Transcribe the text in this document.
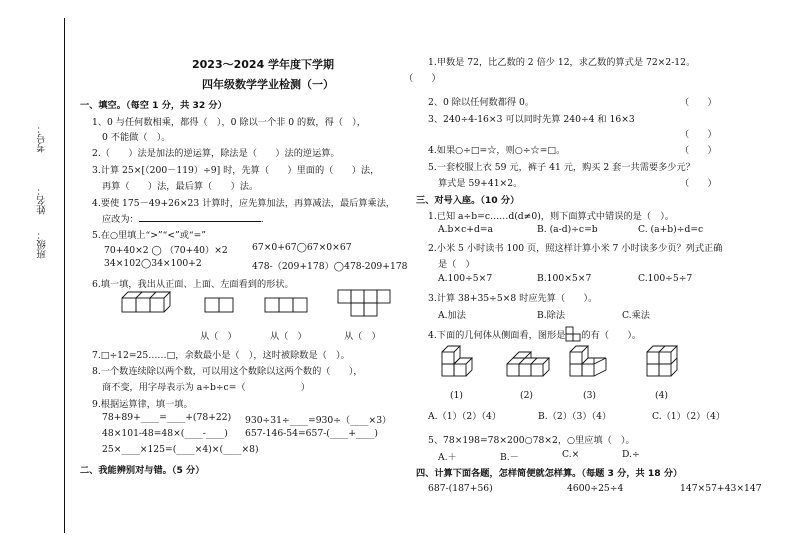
考号：
姓名：
班级：
2023～2024 学年度下学期
四年级数学学业检测（一）
一、填空。（每空 1 分，共 32 分）
1、0 与任何数相乘，都得（　），0 除以一个非 0 的数，得（　），
0 不能做（　）。
2.（　　）法是加法的逆运算，除法是（　　）法的逆运算。
3.计算 25×[（200－119）÷9] 时，先算（　　）里面的（　　）法，
再算（　　）法，最后算（　　）法。
4.要使 175－49+26×23 计算时，应先算加法，再算减法，最后算乘法，
应改为：	.
5.在○里填上“>”“<”或“=”
70+40×2 ◯ （70+40）×2	67×0+67◯67×0×67
34×102◯34×100+2	478-（209+178）◯478-209+178
6.填一填，我出从正面、上面、左面看到的形状。
从（　）	从（　）	从（　）
7.□÷12=25……□，余数最小是（　），这时被除数是（　）。
8.一个数连续除以两个数，可以用这个数除以这两个数的（　　），
商不变，用字母表示为 a÷b÷c=（　　　　　　）
9.根据运算律，填一填。
78+89+____=____+(78+22) 930÷31÷____=930÷（____×3）
48×101-48=48×(____-____) 657-146-54=657-(____+____)
25×____×125=(____×4)×(____×8)
二、我能辨别对与错。（5 分）
1.甲数是 72，比乙数的 2 倍少 12，求乙数的算式是 72×2-12。
（　　）
2、0 除以任何数都得 0。	（　　）
3、240÷4-16×3 可以同时先算 240÷4 和 16×3
（　　）
4.如果○÷□=☆，则○÷☆=□。	（　　）
5.一套校服上衣 59 元，裤子 41 元，购买 2 套一共需要多少元？
算式是 59+41×2。	（　　）
三、对号入座。（10 分）
1.已知 a÷b=c……d(d≠0)，则下面算式中错误的是（　）。
A.b×c+d=a	B. (a-d)÷c=b	C. (a+b)÷d=c
2.小米 5 小时读书 100 页，照这样计算小米 7 小时读多少页？列式正确
是（　）
A.100÷5×7	B.100×5×7	C.100÷5÷7
3.计算 38+35÷5×8 时应先算（　　）。
A.加法	B.除法	C.乘法
4.下面的几何体从侧面看，图形是 的有（　　）。
(1)	(2)	(3)	(4)
A.（1）（2）（4）	B.（2）（3）（4）	C.（1）（2）（4）
5、78×198=78×200○78×2，○里应填（　）。
A.＋	B.－	C.×	D.÷
四、计算下面各题，怎样简便就怎样算。（每题 3 分，共 18 分）
687-(187+56)	4600÷25÷4	147×57+43×147
